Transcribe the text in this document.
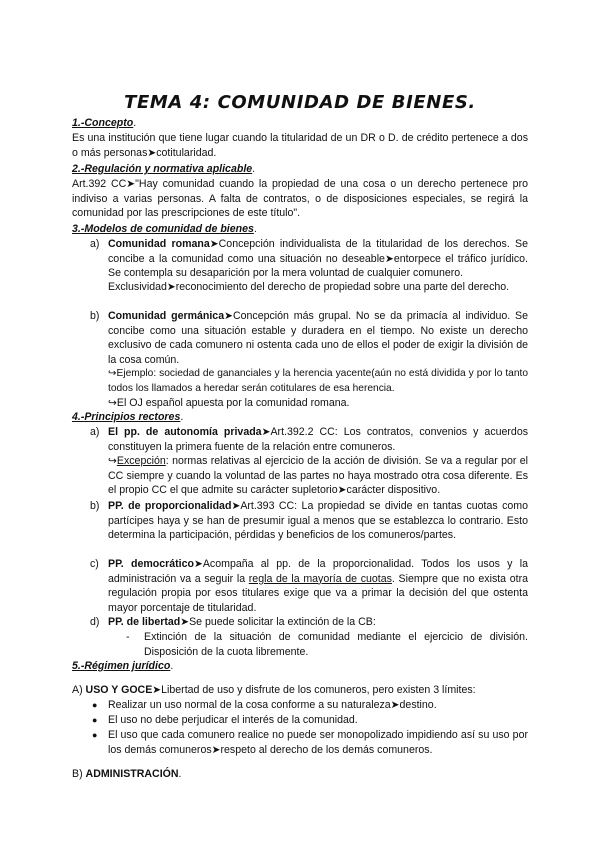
TEMA 4: COMUNIDAD DE BIENES.
1.-Concepto.
Es una institución que tiene lugar cuando la titularidad de un DR o D. de crédito pertenece a dos o más personas➤cotitularidad.
2.-Regulación y normativa aplicable.
Art.392 CC➤"Hay comunidad cuando la propiedad de una cosa o un derecho pertenece pro indiviso a varias personas. A falta de contratos, o de disposiciones especiales, se regirá la comunidad por las prescripciones de este título".
3.-Modelos de comunidad de bienes.
a) Comunidad romana➤Concepción individualista de la titularidad de los derechos. Se concibe a la comunidad como una situación no deseable➤entorpece el tráfico jurídico. Se contempla su desaparición por la mera voluntad de cualquier comunero.
Exclusividad➤reconocimiento del derecho de propiedad sobre una parte del derecho.
b) Comunidad germánica➤Concepción más grupal. No se da primacía al individuo. Se concibe como una situación estable y duradera en el tiempo. No existe un derecho exclusivo de cada comunero ni ostenta cada uno de ellos el poder de exigir la división de la cosa común.
↪Ejemplo: sociedad de gananciales y la herencia yacente(aún no está dividida y por lo tanto todos los llamados a heredar serán cotitulares de esa herencia.
↪El OJ español apuesta por la comunidad romana.
4.-Principios rectores.
a) El pp. de autonomía privada➤Art.392.2 CC: Los contratos, convenios y acuerdos constituyen la primera fuente de la relación entre comuneros.
↪Excepción: normas relativas al ejercicio de la acción de división. Se va a regular por el CC siempre y cuando la voluntad de las partes no haya mostrado otra cosa diferente. Es el propio CC el que admite su carácter supletorio➤carácter dispositivo.
b) PP. de proporcionalidad➤Art.393 CC: La propiedad se divide en tantas cuotas como partícipes haya y se han de presumir igual a menos que se establezca lo contrario. Esto determina la participación, pérdidas y beneficios de los comuneros/partes.
c) PP. democrático➤Acompaña al pp. de la proporcionalidad. Todos los usos y la administración va a seguir la regla de la mayoría de cuotas. Siempre que no exista otra regulación propia por esos titulares exige que va a primar la decisión del que ostenta mayor porcentaje de titularidad.
d) PP. de libertad➤Se puede solicitar la extinción de la CB:
- Extinción de la situación de comunidad mediante el ejercicio de división. Disposición de la cuota libremente.
5.-Régimen jurídico.
A) USO Y GOCE➤Libertad de uso y disfrute de los comuneros, pero existen 3 límites:
● Realizar un uso normal de la cosa conforme a su naturaleza➤destino.
● El uso no debe perjudicar el interés de la comunidad.
● El uso que cada comunero realice no puede ser monopolizado impidiendo así su uso por los demás comuneros➤respeto al derecho de los demás comuneros.
B) ADMINISTRACIÓN.
